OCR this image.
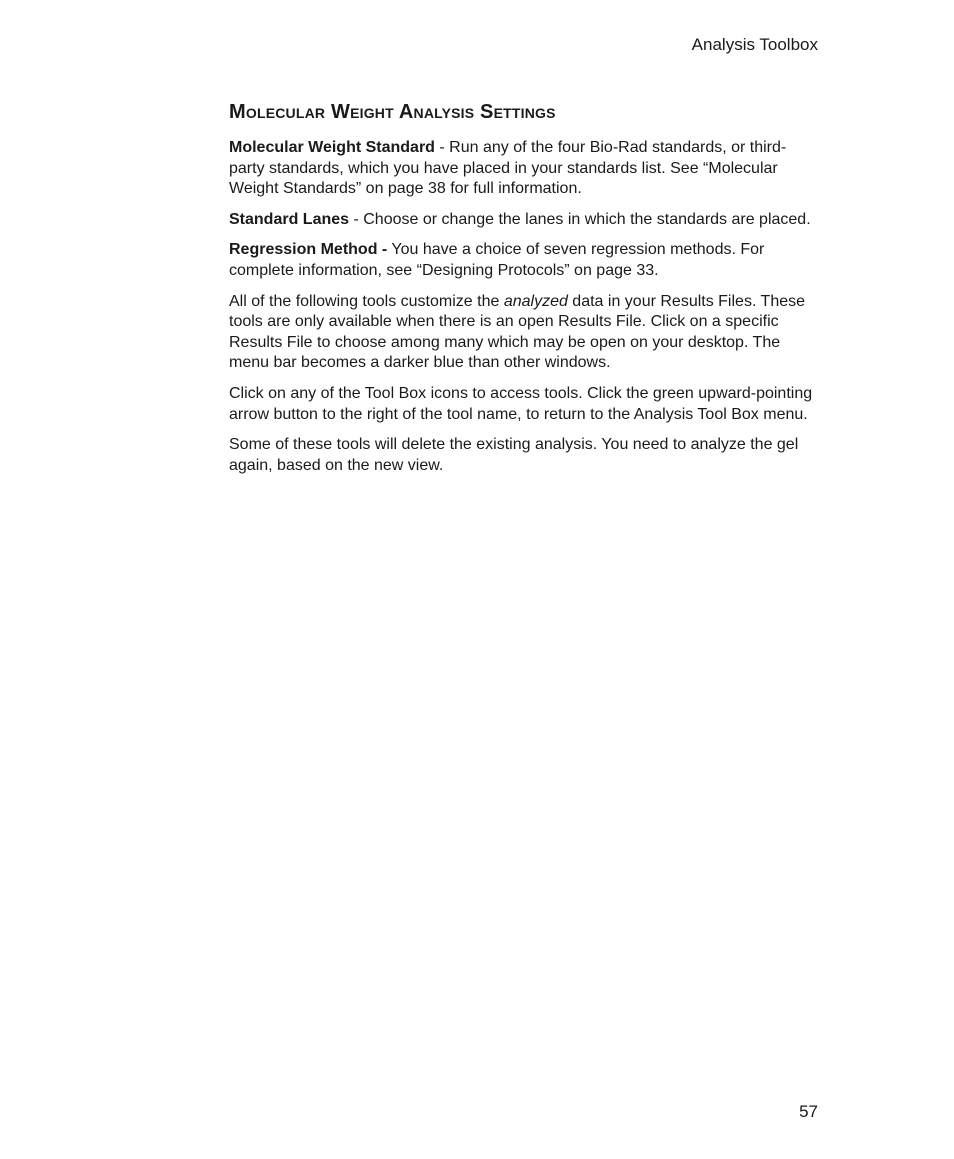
Analysis Toolbox
Molecular Weight Analysis Settings

Molecular Weight Standard - Run any of the four Bio-Rad standards, or third-party standards, which you have placed in your standards list. See “Molecular Weight Standards” on page 38 for full information.

Standard Lanes - Choose or change the lanes in which the standards are placed.

Regression Method - You have a choice of seven regression methods. For complete information, see “Designing Protocols” on page 33.

All of the following tools customize the analyzed data in your Results Files. These tools are only available when there is an open Results File. Click on a specific Results File to choose among many which may be open on your desktop. The menu bar becomes a darker blue than other windows.

Click on any of the Tool Box icons to access tools. Click the green upward-pointing arrow button to the right of the tool name, to return to the Analysis Tool Box menu.

Some of these tools will delete the existing analysis. You need to analyze the gel again, based on the new view.

57
